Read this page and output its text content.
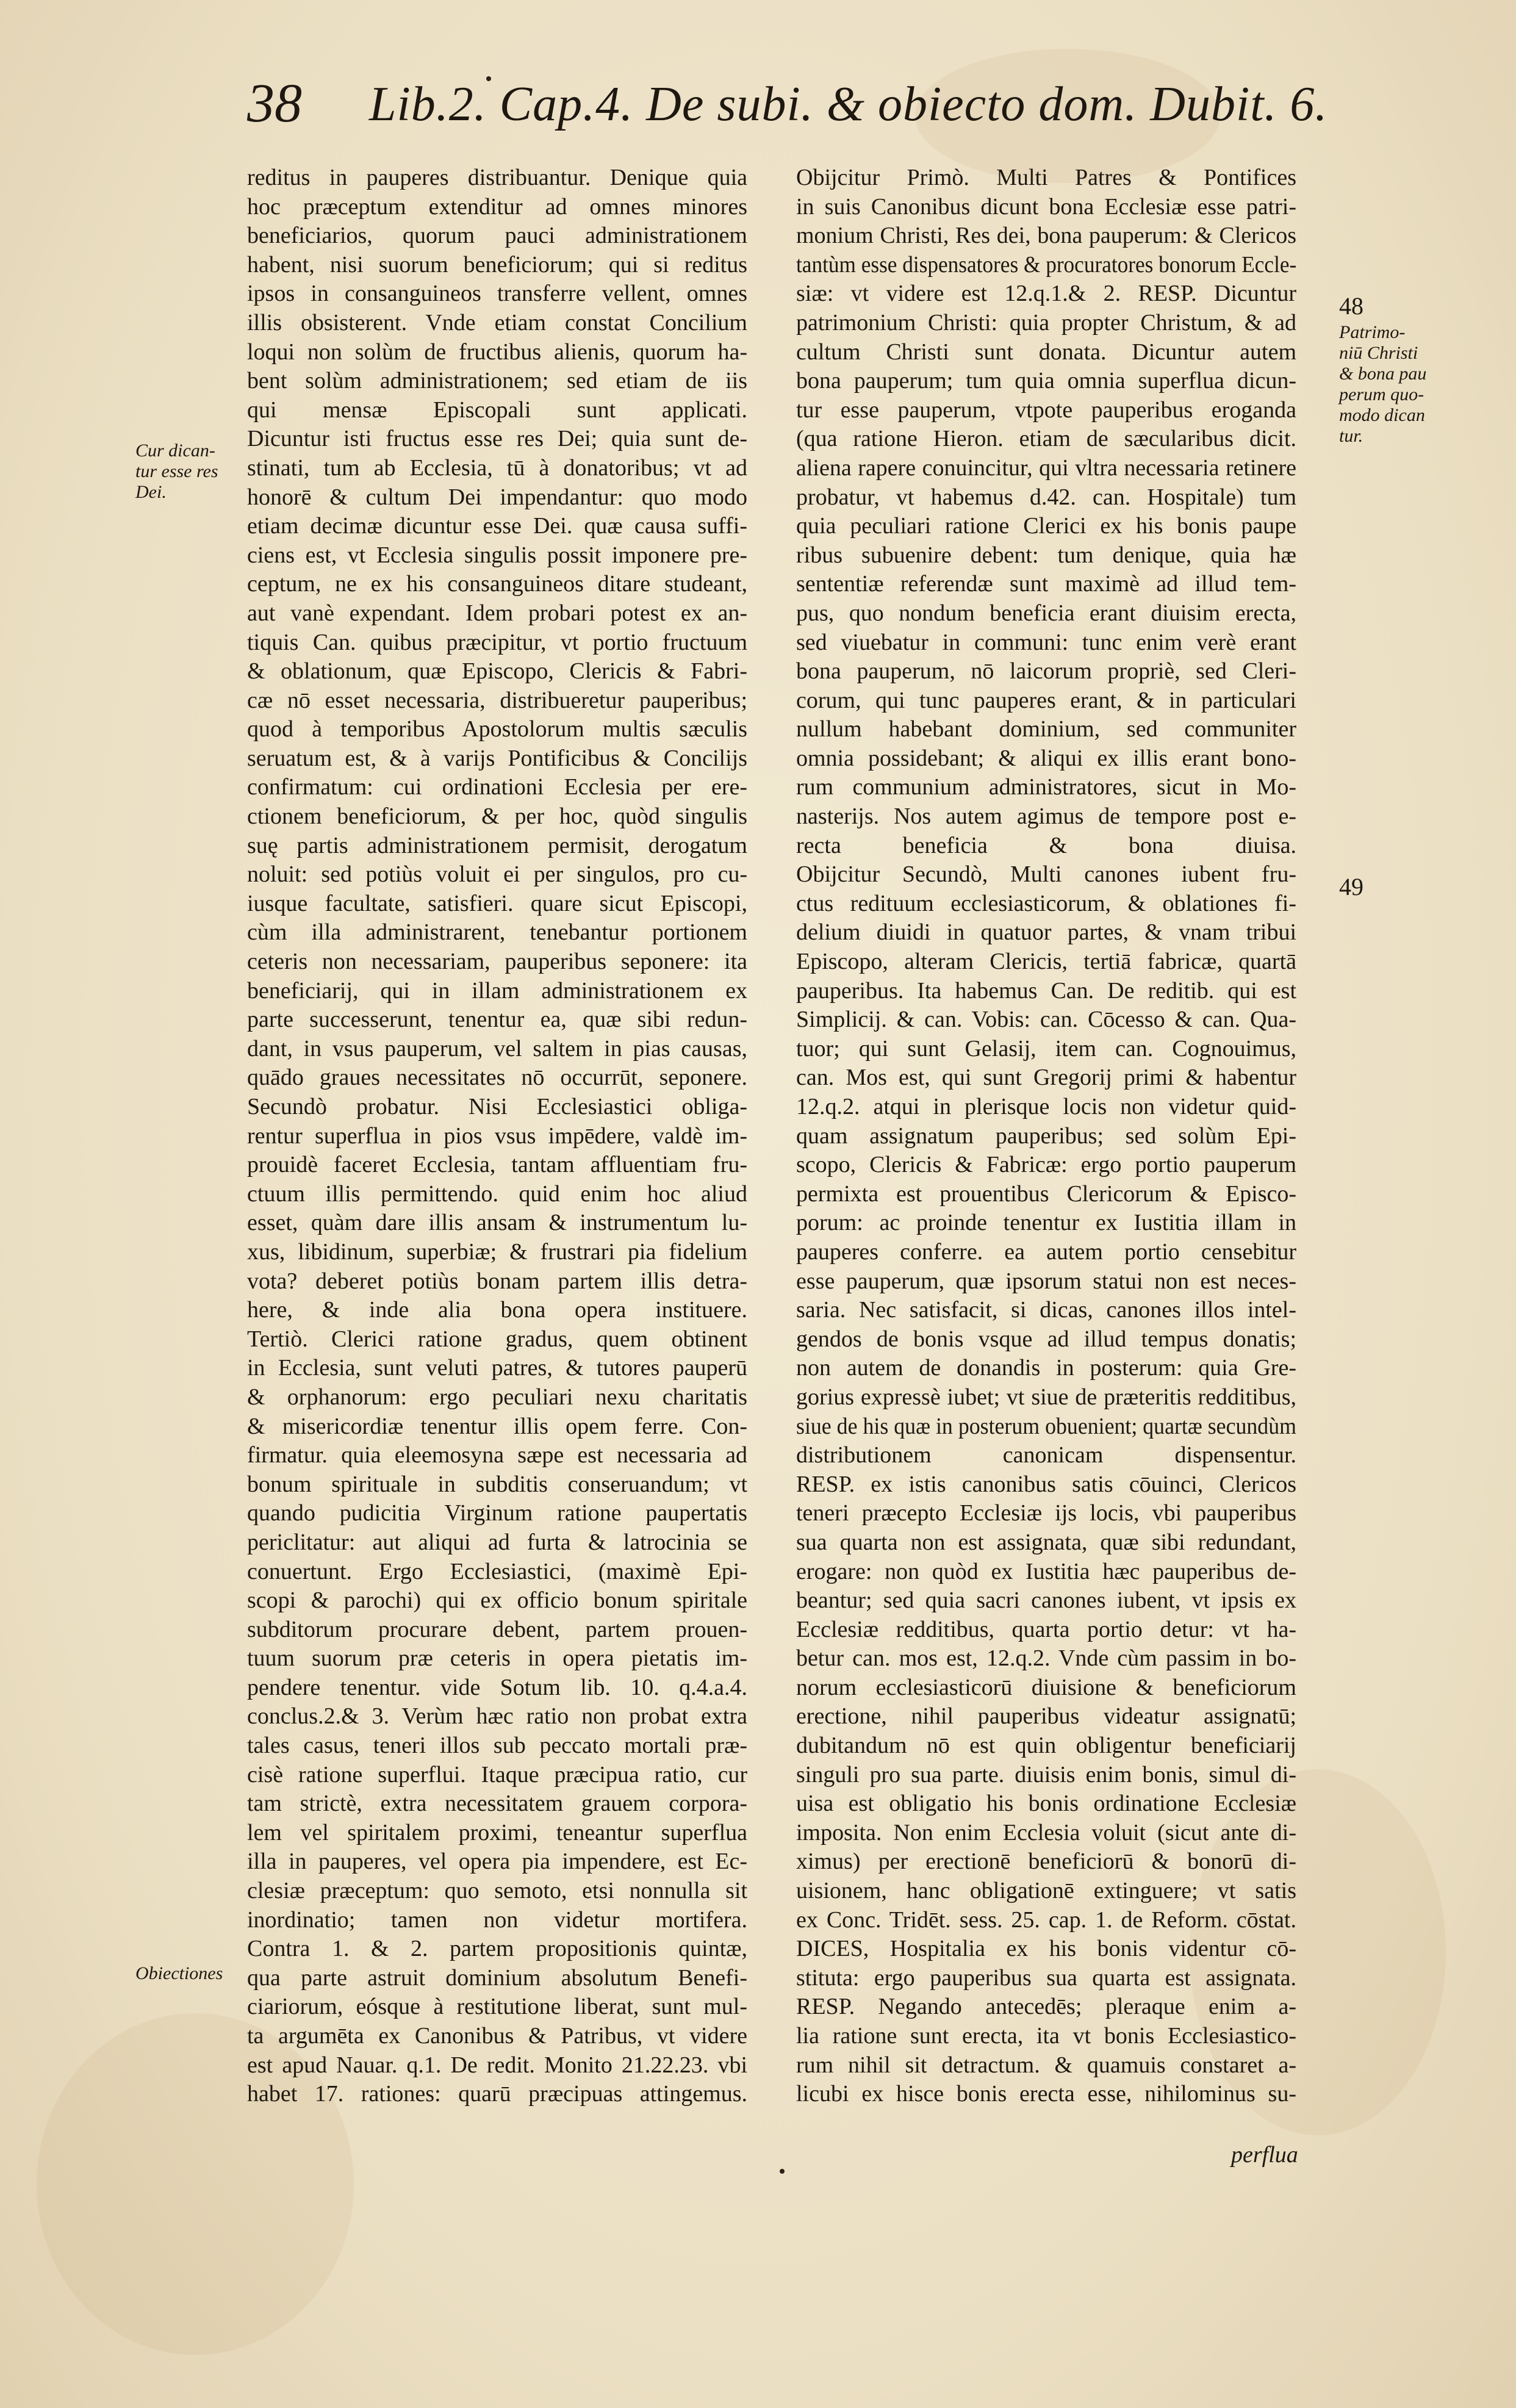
38 Lib.2. Cap.4. De subi. & obiecto dom. Dubit. 6.
Cur dican-
tur esse res
Dei.
Obiectiones
48
Patrimo-
niū Christi
& bona pau
perum quo-
modo dican
tur.
49
reditus in pauperes distribuantur. Denique quia
hoc præceptum extenditur ad omnes minores
beneficiarios, quorum pauci administrationem
habent, nisi suorum beneficiorum; qui si reditus
ipsos in consanguineos transferre vellent, omnes
illis obsisterent. Vnde etiam constat Concilium
loqui non solùm de fructibus alienis, quorum ha-
bent solùm administrationem; sed etiam de iis
qui mensæ Episcopali sunt applicati.
Dicuntur isti fructus esse res Dei; quia sunt de-
stinati, tum ab Ecclesia, tū à donatoribus; vt ad
honorē & cultum Dei impendantur: quo modo
etiam decimæ dicuntur esse Dei. quæ causa suffi-
ciens est, vt Ecclesia singulis possit imponere pre-
ceptum, ne ex his consanguineos ditare studeant,
aut vanè expendant. Idem probari potest ex an-
tiquis Can. quibus præcipitur, vt portio fructuum
& oblationum, quæ Episcopo, Clericis & Fabri-
cæ nō esset necessaria, distribueretur pauperibus;
quod à temporibus Apostolorum multis sæculis
seruatum est, & à varijs Pontificibus & Concilijs
confirmatum: cui ordinationi Ecclesia per ere-
ctionem beneficiorum, & per hoc, quòd singulis
suę partis administrationem permisit, derogatum
noluit: sed potiùs voluit ei per singulos, pro cu-
iusque facultate, satisfieri. quare sicut Episcopi,
cùm illa administrarent, tenebantur portionem
ceteris non necessariam, pauperibus seponere: ita
beneficiarij, qui in illam administrationem ex
parte successerunt, tenentur ea, quæ sibi redun-
dant, in vsus pauperum, vel saltem in pias causas,
quādo graues necessitates nō occurrūt, seponere.
Secundò probatur. Nisi Ecclesiastici obliga-
rentur superflua in pios vsus impēdere, valdè im-
prouidè faceret Ecclesia, tantam affluentiam fru-
ctuum illis permittendo. quid enim hoc aliud
esset, quàm dare illis ansam & instrumentum lu-
xus, libidinum, superbiæ; & frustrari pia fidelium
vota? deberet potiùs bonam partem illis detra-
here, & inde alia bona opera instituere.
Tertiò. Clerici ratione gradus, quem obtinent
in Ecclesia, sunt veluti patres, & tutores pauperū
& orphanorum: ergo peculiari nexu charitatis
& misericordiæ tenentur illis opem ferre. Con-
firmatur. quia eleemosyna sæpe est necessaria ad
bonum spirituale in subditis conseruandum; vt
quando pudicitia Virginum ratione paupertatis
periclitatur: aut aliqui ad furta & latrocinia se
conuertunt. Ergo Ecclesiastici, (maximè Epi-
scopi & parochi) qui ex officio bonum spiritale
subditorum procurare debent, partem prouen-
tuum suorum præ ceteris in opera pietatis im-
pendere tenentur. vide Sotum lib. 10. q.4.a.4.
conclus.2.& 3. Verùm hæc ratio non probat extra
tales casus, teneri illos sub peccato mortali præ-
cisè ratione superflui. Itaque præcipua ratio, cur
tam strictè, extra necessitatem grauem corpora-
lem vel spiritalem proximi, teneantur superflua
illa in pauperes, vel opera pia impendere, est Ec-
clesiæ præceptum: quo semoto, etsi nonnulla sit
inordinatio; tamen non videtur mortifera.
Contra 1. & 2. partem propositionis quintæ,
qua parte astruit dominium absolutum Benefi-
ciariorum, eósque à restitutione liberat, sunt mul-
ta argumēta ex Canonibus & Patribus, vt videre
est apud Nauar. q.1. De redit. Monito 21.22.23. vbi
habet 17. rationes: quarū præcipuas attingemus.
Obijcitur Primò. Multi Patres & Pontifices
in suis Canonibus dicunt bona Ecclesiæ esse patri-
monium Christi, Res dei, bona pauperum: & Clericos
tantùm esse dispensatores & procuratores bonorum Eccle-
siæ: vt videre est 12.q.1.& 2. RESP. Dicuntur
patrimonium Christi: quia propter Christum, & ad
cultum Christi sunt donata. Dicuntur autem
bona pauperum; tum quia omnia superflua dicun-
tur esse pauperum, vtpote pauperibus eroganda
(qua ratione Hieron. etiam de sæcularibus dicit.
aliena rapere conuincitur, qui vltra necessaria retinere
probatur, vt habemus d.42. can. Hospitale) tum
quia peculiari ratione Clerici ex his bonis paupe
ribus subuenire debent: tum denique, quia hæ
sententiæ referendæ sunt maximè ad illud tem-
pus, quo nondum beneficia erant diuisim erecta,
sed viuebatur in communi: tunc enim verè erant
bona pauperum, nō laicorum propriè, sed Cleri-
corum, qui tunc pauperes erant, & in particulari
nullum habebant dominium, sed communiter
omnia possidebant; & aliqui ex illis erant bono-
rum communium administratores, sicut in Mo-
nasterijs. Nos autem agimus de tempore post e-
recta beneficia & bona diuisa.
Obijcitur Secundò, Multi canones iubent fru-
ctus redituum ecclesiasticorum, & oblationes fi-
delium diuidi in quatuor partes, & vnam tribui
Episcopo, alteram Clericis, tertiā fabricæ, quartā
pauperibus. Ita habemus Can. De reditib. qui est
Simplicij. & can. Vobis: can. Cōcesso & can. Qua-
tuor; qui sunt Gelasij, item can. Cognouimus,
can. Mos est, qui sunt Gregorij primi & habentur
12.q.2. atqui in plerisque locis non videtur quid-
quam assignatum pauperibus; sed solùm Epi-
scopo, Clericis & Fabricæ: ergo portio pauperum
permixta est prouentibus Clericorum & Episco-
porum: ac proinde tenentur ex Iustitia illam in
pauperes conferre. ea autem portio censebitur
esse pauperum, quæ ipsorum statui non est neces-
saria. Nec satisfacit, si dicas, canones illos intel-
gendos de bonis vsque ad illud tempus donatis;
non autem de donandis in posterum: quia Gre-
gorius expressè iubet; vt siue de præteritis redditibus,
siue de his quæ in posterum obuenient; quartæ secundùm
distributionem canonicam dispensentur.
RESP. ex istis canonibus satis cōuinci, Clericos
teneri præcepto Ecclesiæ ijs locis, vbi pauperibus
sua quarta non est assignata, quæ sibi redundant,
erogare: non quòd ex Iustitia hæc pauperibus de-
beantur; sed quia sacri canones iubent, vt ipsis ex
Ecclesiæ redditibus, quarta portio detur: vt ha-
betur can. mos est, 12.q.2. Vnde cùm passim in bo-
norum ecclesiasticorū diuisione & beneficiorum
erectione, nihil pauperibus videatur assignatū;
dubitandum nō est quin obligentur beneficiarij
singuli pro sua parte. diuisis enim bonis, simul di-
uisa est obligatio his bonis ordinatione Ecclesiæ
imposita. Non enim Ecclesia voluit (sicut ante di-
ximus) per erectionē beneficiorū & bonorū di-
uisionem, hanc obligationē extinguere; vt satis
ex Conc. Tridēt. sess. 25. cap. 1. de Reform. cōstat.
DICES, Hospitalia ex his bonis videntur cō-
stituta: ergo pauperibus sua quarta est assignata.
RESP. Negando antecedēs; pleraque enim a-
lia ratione sunt erecta, ita vt bonis Ecclesiastico-
rum nihil sit detractum. & quamuis constaret a-
licubi ex hisce bonis erecta esse, nihilominus su-
perflua
